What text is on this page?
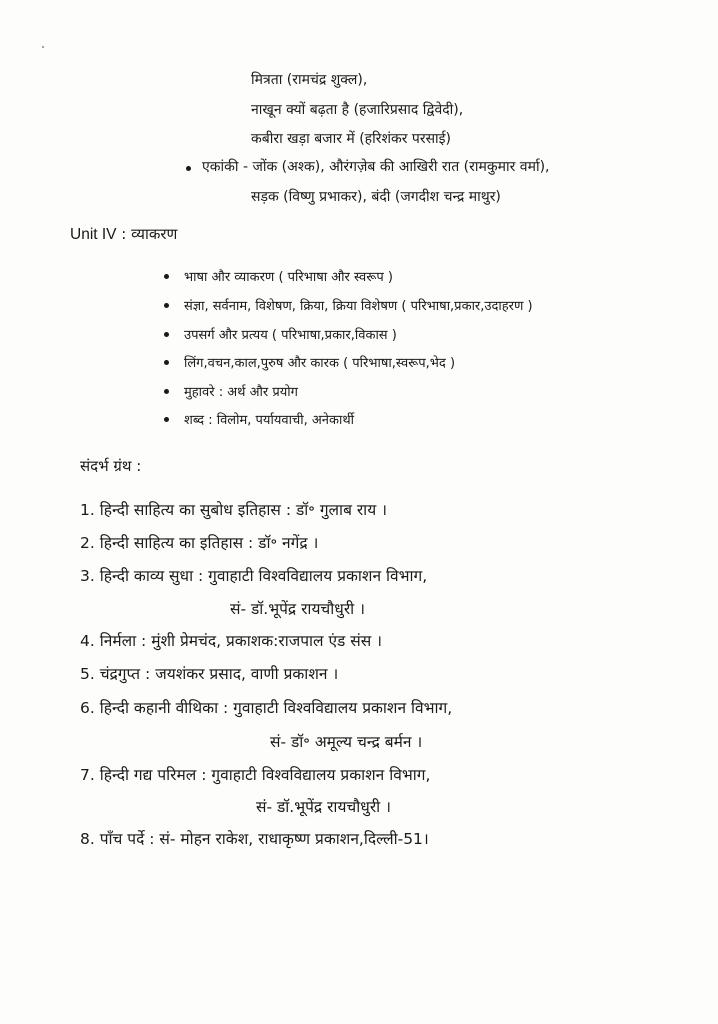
मित्रता (रामचंद्र शुक्ल),
नाखून क्यों बढ़ता है (हजारिप्रसाद द्विवेदी),
कबीरा खड़ा बजार में (हरिशंकर परसाई)
एकांकी - जोंक (अश्क), औरंगज़ेब की आखिरी रात (रामकुमार वर्मा),
सड़क (विष्णु प्रभाकर), बंदी (जगदीश चन्द्र माथुर)
Unit IV : व्याकरण
भाषा और व्याकरण ( परिभाषा और स्वरूप )
संज्ञा, सर्वनाम, विशेषण, क्रिया, क्रिया विशेषण ( परिभाषा,प्रकार,उदाहरण )
उपसर्ग और प्रत्यय ( परिभाषा,प्रकार,विकास )
लिंग,वचन,काल,पुरुष और कारक ( परिभाषा,स्वरूप,भेद )
मुहावरे : अर्थ और प्रयोग
शब्द : विलोम, पर्यायवाची, अनेकार्थी
संदर्भ ग्रंथ :
1. हिन्दी साहित्य का सुबोध इतिहास : डॉ॰ गुलाब राय ।
2. हिन्दी साहित्य का इतिहास : डॉ॰ नगेंद्र ।
3. हिन्दी काव्य सुधा : गुवाहाटी विश्वविद्यालय प्रकाशन विभाग,
सं- डॉ.भूपेंद्र रायचौधुरी ।
4. निर्मला : मुंशी प्रेमचंद, प्रकाशक:राजपाल एंड संस ।
5. चंद्रगुप्त : जयशंकर प्रसाद, वाणी प्रकाशन ।
6. हिन्दी कहानी वीथिका : गुवाहाटी विश्वविद्यालय प्रकाशन विभाग,
सं- डॉ॰ अमूल्य चन्द्र बर्मन ।
7. हिन्दी गद्य परिमल : गुवाहाटी विश्वविद्यालय प्रकाशन विभाग,
सं- डॉ.भूपेंद्र रायचौधुरी ।
8. पाँच पर्दे : सं- मोहन राकेश, राधाकृष्ण प्रकाशन,दिल्ली-51।
